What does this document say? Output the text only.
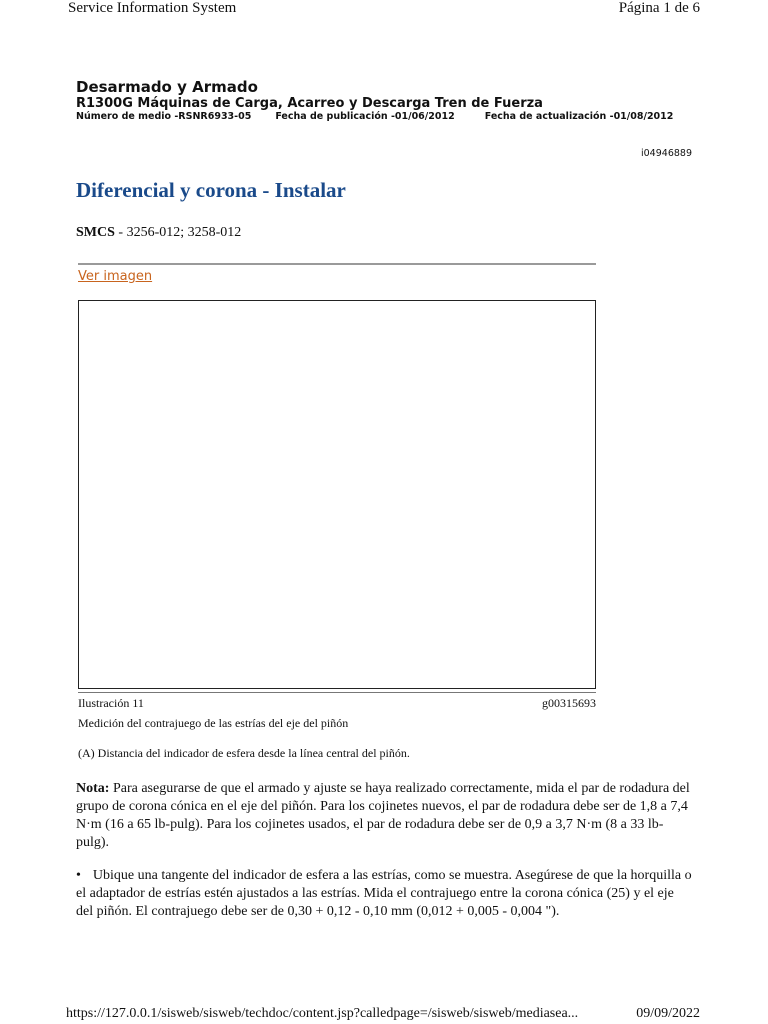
Service Information System	Página 1 de 6
Desarmado y Armado
R1300G Máquinas de Carga, Acarreo y Descarga Tren de Fuerza
Número de medio -RSNR6933-05	Fecha de publicación -01/06/2012	Fecha de actualización -01/08/2012
i04946889
Diferencial y corona - Instalar
SMCS - 3256-012; 3258-012
Ver imagen
Ilustración 11	g00315693
Medición del contrajuego de las estrías del eje del piñón
(A) Distancia del indicador de esfera desde la línea central del piñón.
Nota: Para asegurarse de que el armado y ajuste se haya realizado correctamente, mida el par de rodadura del grupo de corona cónica en el eje del piñón. Para los cojinetes nuevos, el par de rodadura debe ser de 1,8 a 7,4 N·m (16 a 65 lb-pulg). Para los cojinetes usados, el par de rodadura debe ser de 0,9 a 3,7 N·m (8 a 33 lb-pulg).
• Ubique una tangente del indicador de esfera a las estrías, como se muestra. Asegúrese de que la horquilla o el adaptador de estrías estén ajustados a las estrías. Mida el contrajuego entre la corona cónica (25) y el eje del piñón. El contrajuego debe ser de 0,30 + 0,12 - 0,10 mm (0,012 + 0,005 - 0,004 ").
https://127.0.0.1/sisweb/sisweb/techdoc/content.jsp?calledpage=/sisweb/sisweb/mediasea...	09/09/2022
